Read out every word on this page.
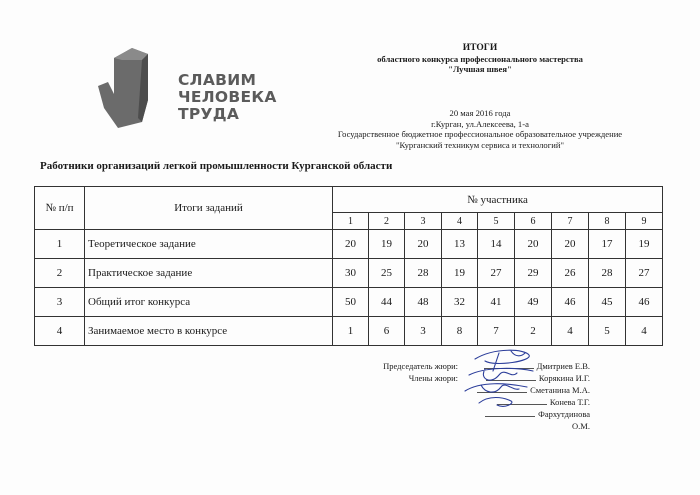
СЛАВИМ
ЧЕЛОВЕКА
ТРУДА
ИТОГИ
областного конкурса профессионального мастерства
"Лучшая швея"
20 мая 2016 года
г.Курган, ул.Алексеева, 1-а
Государственное бюджетное профессиональное образовательное учреждение
"Курганский техникум сервиса и технологий"
Работники организаций легкой промышленности Курганской области
№ п/п	Итоги заданий	№ участника								
		1	2	3	4	5	6	7	8	9
1	Теоретическое задание	20	19	20	13	14	20	20	17	19
2	Практическое задание	30	25	28	19	27	29	26	28	27
3	Общий итог конкурса	50	44	48	32	41	49	46	45	46
4	Занимаемое место в конкурсе	1	6	3	8	7	2	4	5	4
Председатель жюри:
Члены жюри:
Дмитриев Е.В.
Корякина И.Г.
Сметанина М.А.
Конева Т.Г.
Фархутдинова О.М.
